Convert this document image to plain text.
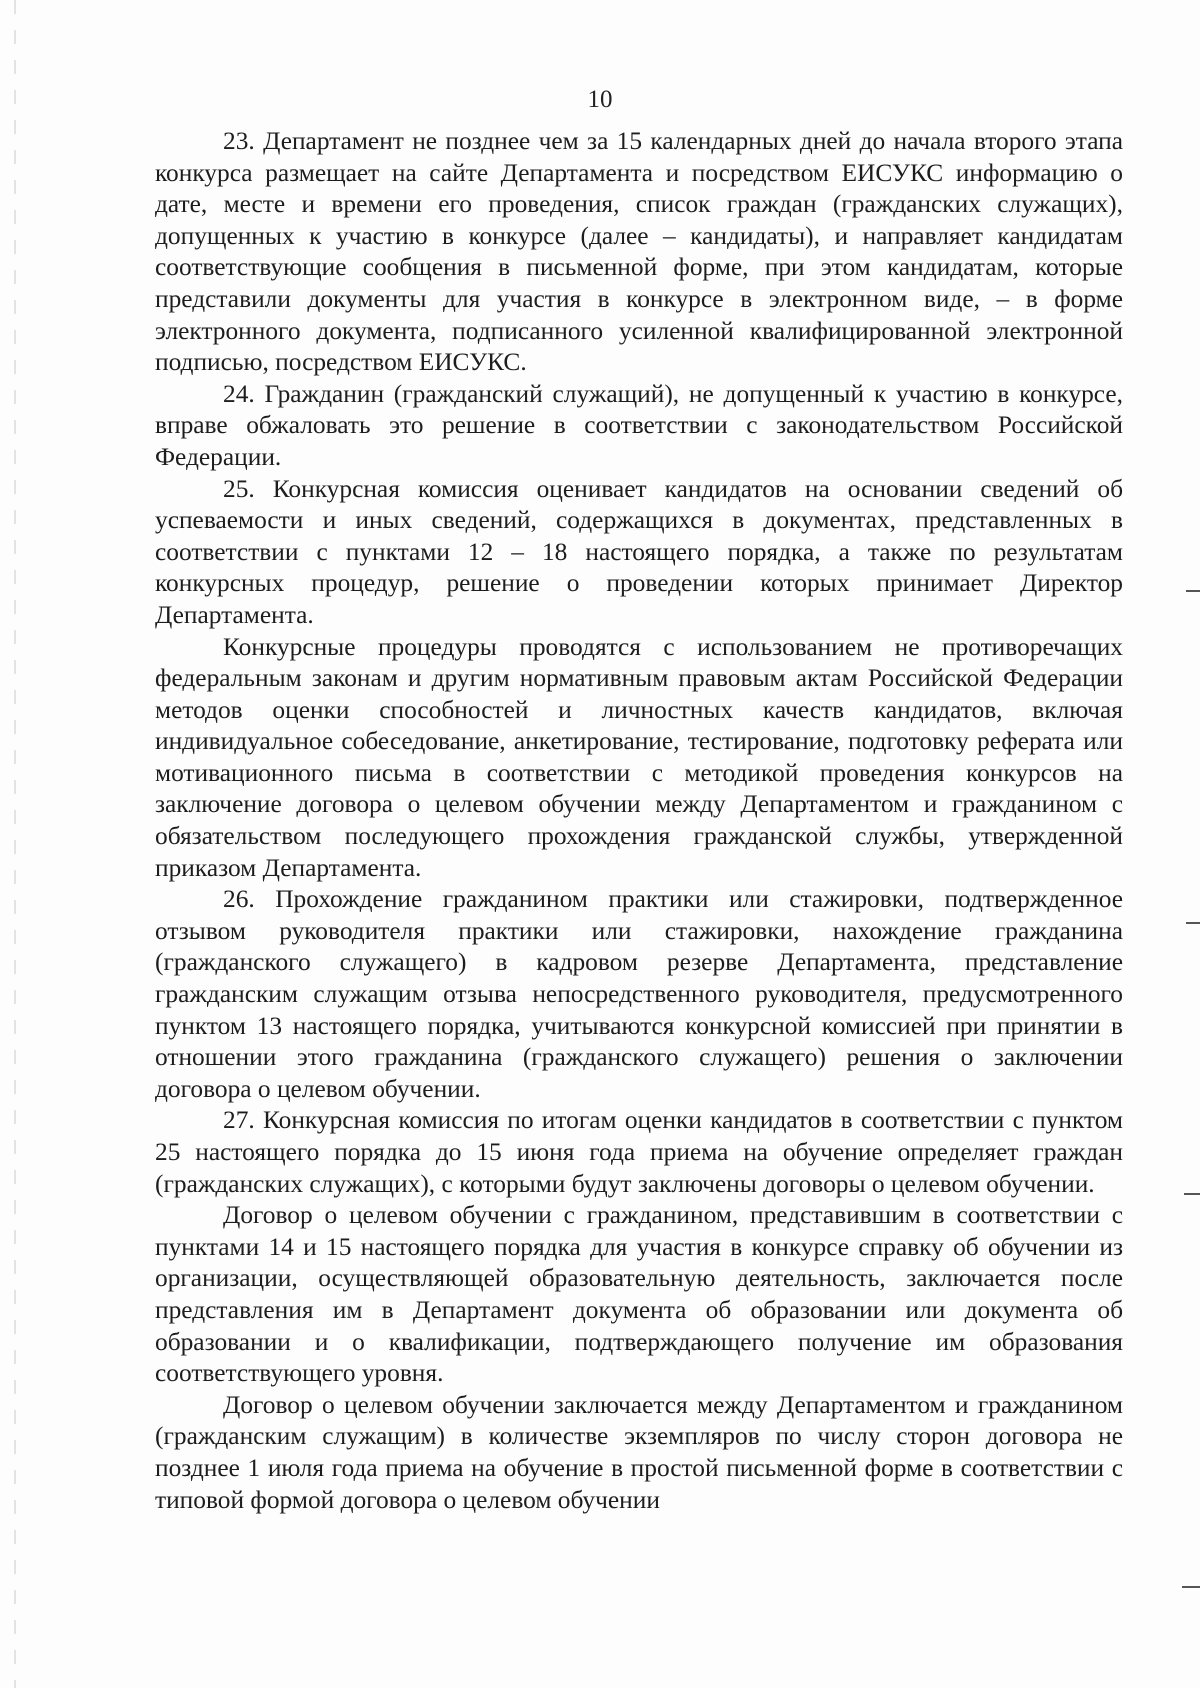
10

23. Департамент не позднее чем за 15 календарных дней до начала второго этапа конкурса размещает на сайте Департамента и посредством ЕИСУКС информацию о дате, месте и времени его проведения, список граждан (гражданских служащих), допущенных к участию в конкурсе (далее – кандидаты), и направляет кандидатам соответствующие сообщения в письменной форме, при этом кандидатам, которые представили документы для участия в конкурсе в электронном виде, – в форме электронного документа, подписанного усиленной квалифицированной электронной подписью, посредством ЕИСУКС.

24. Гражданин (гражданский служащий), не допущенный к участию в конкурсе, вправе обжаловать это решение в соответствии с законодательством Российской Федерации.

25. Конкурсная комиссия оценивает кандидатов на основании сведений об успеваемости и иных сведений, содержащихся в документах, представленных в соответствии с пунктами 12 – 18 настоящего порядка, а также по результатам конкурсных процедур, решение о проведении которых принимает Директор Департамента.

Конкурсные процедуры проводятся с использованием не противоречащих федеральным законам и другим нормативным правовым актам Российской Федерации методов оценки способностей и личностных качеств кандидатов, включая индивидуальное собеседование, анкетирование, тестирование, подготовку реферата или мотивационного письма в соответствии с методикой проведения конкурсов на заключение договора о целевом обучении между Департаментом и гражданином с обязательством последующего прохождения гражданской службы, утвержденной приказом Департамента.

26. Прохождение гражданином практики или стажировки, подтвержденное отзывом руководителя практики или стажировки, нахождение гражданина (гражданского служащего) в кадровом резерве Департамента, представление гражданским служащим отзыва непосредственного руководителя, предусмотренного пунктом 13 настоящего порядка, учитываются конкурсной комиссией при принятии в отношении этого гражданина (гражданского служащего) решения о заключении договора о целевом обучении.

27. Конкурсная комиссия по итогам оценки кандидатов в соответствии с пунктом 25 настоящего порядка до 15 июня года приема на обучение определяет граждан (гражданских служащих), с которыми будут заключены договоры о целевом обучении.

Договор о целевом обучении с гражданином, представившим в соответствии с пунктами 14 и 15 настоящего порядка для участия в конкурсе справку об обучении из организации, осуществляющей образовательную деятельность, заключается после представления им в Департамент документа об образовании или документа об образовании и о квалификации, подтверждающего получение им образования соответствующего уровня.

Договор о целевом обучении заключается между Департаментом и гражданином (гражданским служащим) в количестве экземпляров по числу сторон договора не позднее 1 июля года приема на обучение в простой письменной форме в соответствии с типовой формой договора о целевом обучении
